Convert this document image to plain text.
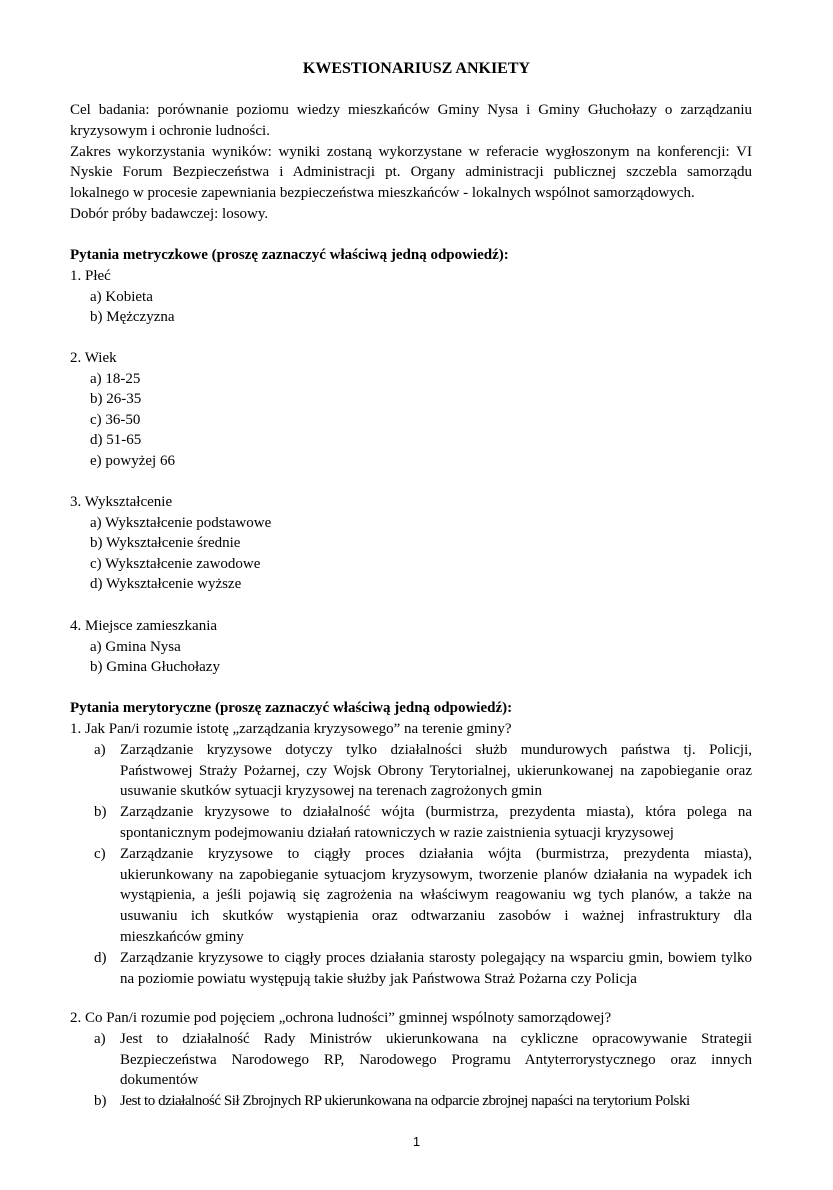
KWESTIONARIUSZ ANKIETY
Cel badania: porównanie poziomu wiedzy mieszkańców Gminy Nysa i Gminy Głuchołazy o zarządzaniu
kryzysowym i ochronie ludności.
Zakres wykorzystania wyników: wyniki zostaną wykorzystane w referacie wygłoszonym na konferencji: VI
Nyskie Forum Bezpieczeństwa i Administracji pt. Organy administracji publicznej szczebla samorządu
lokalnego w procesie zapewniania bezpieczeństwa mieszkańców - lokalnych wspólnot samorządowych.
Dobór próby badawczej: losowy.
Pytania metryczkowe (proszę zaznaczyć właściwą jedną odpowiedź):
1. Płeć
a) Kobieta
b) Mężczyzna
2. Wiek
a) 18-25
b) 26-35
c) 36-50
d) 51-65
e) powyżej 66
3. Wykształcenie
a) Wykształcenie podstawowe
b) Wykształcenie średnie
c) Wykształcenie zawodowe
d) Wykształcenie wyższe
4. Miejsce zamieszkania
a) Gmina Nysa
b) Gmina Głuchołazy
Pytania merytoryczne (proszę zaznaczyć właściwą jedną odpowiedź):
1. Jak Pan/i rozumie istotę „zarządzania kryzysowego” na terenie gminy?
a) Zarządzanie kryzysowe dotyczy tylko działalności służb mundurowych państwa tj. Policji,
Państwowej Straży Pożarnej, czy Wojsk Obrony Terytorialnej, ukierunkowanej na zapobieganie oraz
usuwanie skutków sytuacji kryzysowej na terenach zagrożonych gmin
b) Zarządzanie kryzysowe to działalność wójta (burmistrza, prezydenta miasta), która polega na
spontanicznym podejmowaniu działań ratowniczych w razie zaistnienia sytuacji kryzysowej
c) Zarządzanie kryzysowe to ciągły proces działania wójta (burmistrza, prezydenta miasta),
ukierunkowany na zapobieganie sytuacjom kryzysowym, tworzenie planów działania na wypadek ich
wystąpienia, a jeśli pojawią się zagrożenia na właściwym reagowaniu wg tych planów, a także na
usuwaniu ich skutków wystąpienia oraz odtwarzaniu zasobów i ważnej infrastruktury dla
mieszkańców gminy
d) Zarządzanie kryzysowe to ciągły proces działania starosty polegający na wsparciu gmin, bowiem tylko
na poziomie powiatu występują takie służby jak Państwowa Straż Pożarna czy Policja
2. Co Pan/i rozumie pod pojęciem „ochrona ludności” gminnej wspólnoty samorządowej?
a) Jest to działalność Rady Ministrów ukierunkowana na cykliczne opracowywanie Strategii
Bezpieczeństwa Narodowego RP, Narodowego Programu Antyterrorystycznego oraz innych
dokumentów
b) Jest to działalność Sił Zbrojnych RP ukierunkowana na odparcie zbrojnej napaści na terytorium Polski
1
